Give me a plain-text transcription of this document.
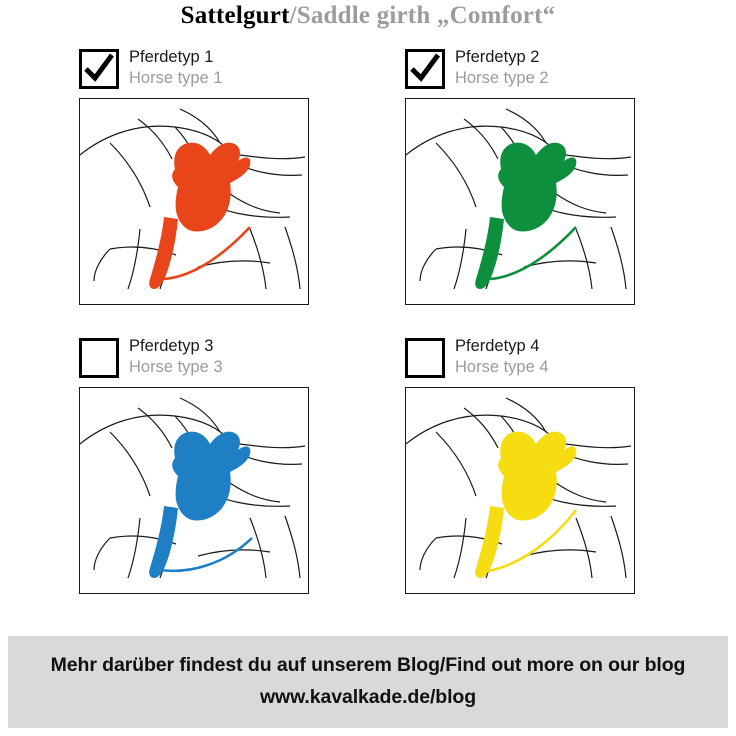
Sattelgurt/Saddle girth „Comfort“
Pferdetyp 1
Horse type 1
Pferdetyp 2
Horse type 2
Pferdetyp 3
Horse type 3
Pferdetyp 4
Horse type 4
Mehr darüber findest du auf unserem Blog/Find out more on our blog
www.kavalkade.de/blog
